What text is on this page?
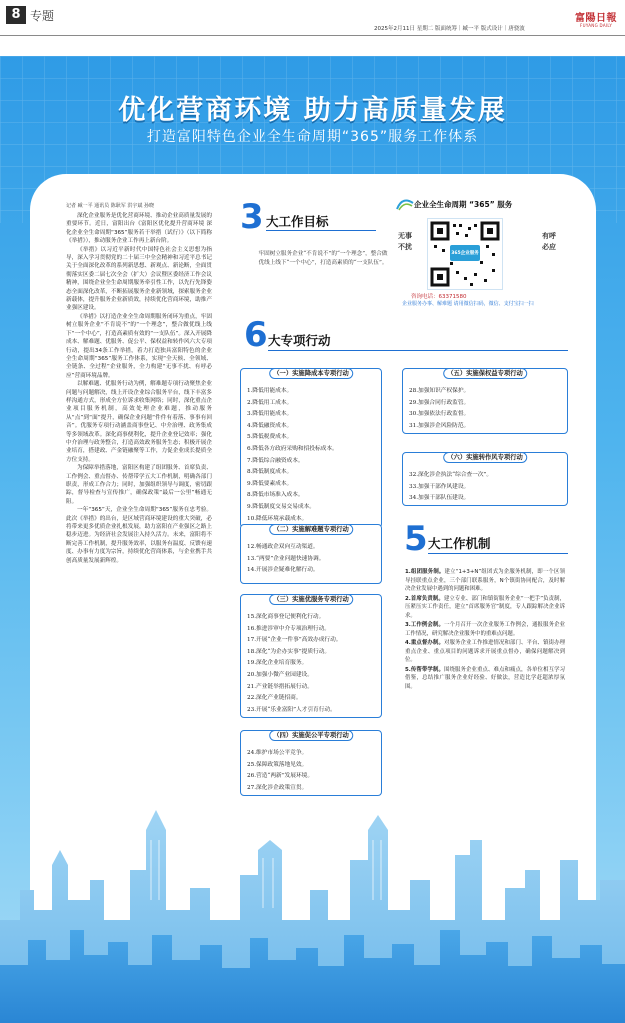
8 专题
2025年2月11日 星期二 版面统筹｜臧一平 版式设计｜唐骁波
富陽日報
FUYANG DAILY
优化营商环境 助力高质量发展
打造富阳特色企业全生命周期“365”服务工作体系
记者 臧一平 通讯员 陈耿军 洪宇斌 孙晓

深化企业服务是优化营商环境、推动企业高质量发展的重要环节。近日，富阳出台《富阳区优化提升营商环境 深化企业全生命周期“365”服务若干举措（试行）》（以下简称《举措》），推动服务企业工作再上新台阶。

《举措》以习近平新时代中国特色社会主义思想为指导，深入学习贯彻党的二十届三中全会精神和习近平总书记关于全面深化改革的系列新思想、新观点、新论断，全面贯彻落实区委二届七次全会（扩大）会议暨区委经济工作会议精神，围绕企业全生命周期服务牵引性工作，以先行先锋姿态全面深化改革，不断拓展服务企业新领域，探索服务企业新载体，提升服务企业新质效，持续优化营商环境，助推产业强区建设。

《举措》以打造企业全生命周期服务闭环为重点，牢固树立服务企业“不肯说不”的“一个理念”，整合做优线上线下“一个中心”，打造高素质有效的“一支队伍”。深入开展降成本、解难题、优服务、促公平、保权益和转作风六大专项行动，提出34条工作举措，着力打造独具富阳特色的企业全生命周期“365”服务工作体系，实现“全天候、全领域、全链条、全过程”企业服务，全力构建“无事不扰、有呼必应”营商环境品牌。

以解难题、优服务行动为例，解难题专项行动聚焦企业问题与问题解决，线上开设企业综合服务平台，线下丰富多样沟通方式，形成全方位诉求收集网络；同时，深化重点企业项目服务机制，高效处理企业难题，推动服务从“点”到“面”提升，确保企业问题“件件有着落、事事有回音”。优服务专项行动涵盖商事登记、中介治理、政务集成等多领域改革。深化商事便利化，提升企业登记效率；强化中介治理与政务整合，打造高效政务服务生态；积极开展企业培育，搭建政、产金链融聚等工作，力促企业成长提质全方位支持。

为保障举措落地，富阳区构建了组团服务、首席负责、工作例会、重点督办、传帮带学五大工作机制，明确各部门职责，形成工作合力；同时，加强组织领导与调度，密切跟踪，督导检查与宣传推广，确保政策“最后一公里”畅通无阻。

一年“365”天，企业全生命周期“365”服务在忠考验。此次《举措》的出台，是区域营商环境建设的重大突破，必将带来更多优质企业扎根发展，助力富阳在产业强区之路上稳步迈进。为经济社会发展注入持久活力。未来，富阳将不断完善工作机制，提升服务效率，以服务有温度、反馈有速度、办事有力度为宗旨，持续优化营商体系，与企业携手共创高质量发展新辉煌。

3 大工作目标
牢固树立服务企业“不肯说不”的“一个理念”，整合做优线上线下“一个中心”，打造高素质的“一支队伍”。
企业全生命周期 “365” 服务
无事不扰
365企业服务
有呼必应
咨询电话：63371580
企业服务办事、解难题 请用微信扫码，微信、支付宝扫一扫
6 大专项行动
（一）实施降成本专项行动
1.降低用能成本。
2.降低用工成本。
3.降低用能成本。
4.降低融资成本。
5.降低税费成本。
6.降低各方政府采购和招投标成本。
7.降低综合融资成本。
8.降低制度成本。
9.降低要素成本。
8.降低市场准入成本。
9.降低制度交易交易成本。
10.降低环境承载成本。
（二）实施解难题专项行动
12.畅通政企双向互动渠道。
13.“两要”企业问题快速协调。
14.开展涉企疑难化解行动。
（三）实施优服务专项行动
15.深化商事登记便利化行动。
16.推进涉审中介专项治理行动。
17.开展“企业一件事”高效办成行动。
18.深化“为企办实事”提质行动。
19.深化企业培育服务。
20.加强小微产业园建设。
21.产业链举措拓展行动。
22.深化产业链招商。
23.开展“乐业富阳”人才引育行动。
（四）实施促公平专项行动
24.维护市场公平竞争。
25.保障政策落地见效。
26.营造“两新”发展环境。
27.深化涉企政策宣贯。
（五）实施保权益专项行动
28.加强知识产权保护。
29.加强合同行政监管。
30.加强依法行政监督。
31.加强涉企风险防范。
（六）实施转作风专项行动
32.深化涉企执法“综合查一次”。
33.加强干部作风建设。
34.加强干部队伍建设。
5 大工作机制

1.组团服务制。建立“1+3+N”组团式为企服务机制，即一个区领导挂联重点企业，三个部门联系服务，N个镇街协同配合，及时解决企业发展中遇到的问题和困难。

2.首席负责制。建立专业、部门和镇街服务企业“一把手”负责制，压紧压实工作责任，建立“首席服务官”制度，专人跟踪解决企业诉求。

3.工作例会制。一个月召开一次企业服务工作例会，通报服务企业工作情况，研究解决企业服务中的重难点问题。

4.重点督办制。对服务企业工作推进情况和部门、平台、镇街办理重点企业、重点项目的问题诉求开展重点督办，确保问题解决到位。

5.传帮带学制。围绕服务企业重点、难点和痛点，各单位相互学习借鉴，总结推广服务企业好经验、好做法，营造比学赶超浓厚氛围。
